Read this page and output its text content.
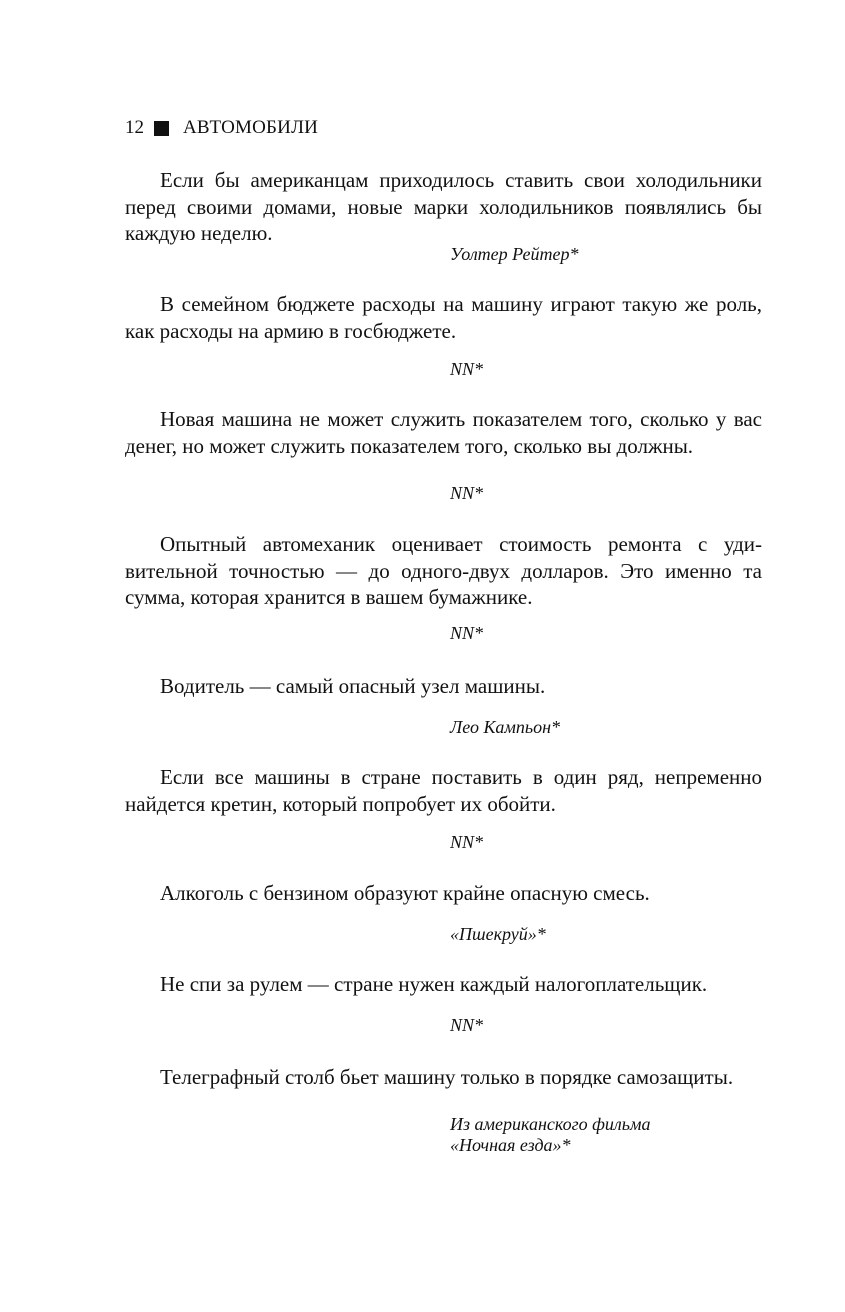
12 АВТОМОБИЛИ

Если бы американцам приходилось ставить свои холодильники перед своими домами, новые марки холодильников появлялись бы каждую неделю.

Уолтер Рейтер*

В семейном бюджете расходы на машину играют такую же роль, как расходы на армию в госбюджете.

NN*

Новая машина не может служить показателем того, сколько у вас денег, но может служить показателем того, сколько вы должны.

NN*

Опытный автомеханик оценивает стоимость ремонта с удивительной точностью — до одного-двух долларов. Это именно та сумма, которая хранится в вашем бумажнике.

NN*

Водитель — самый опасный узел машины.

Лео Кампьон*

Если все машины в стране поставить в один ряд, непременно найдется кретин, который попробует их обойти.

NN*

Алкоголь с бензином образуют крайне опасную смесь.

«Пшекруй»*

Не спи за рулем — стране нужен каждый налогоплательщик.

NN*

Телеграфный столб бьет машину только в порядке самозащиты.

Из американского фильма
«Ночная езда»*
